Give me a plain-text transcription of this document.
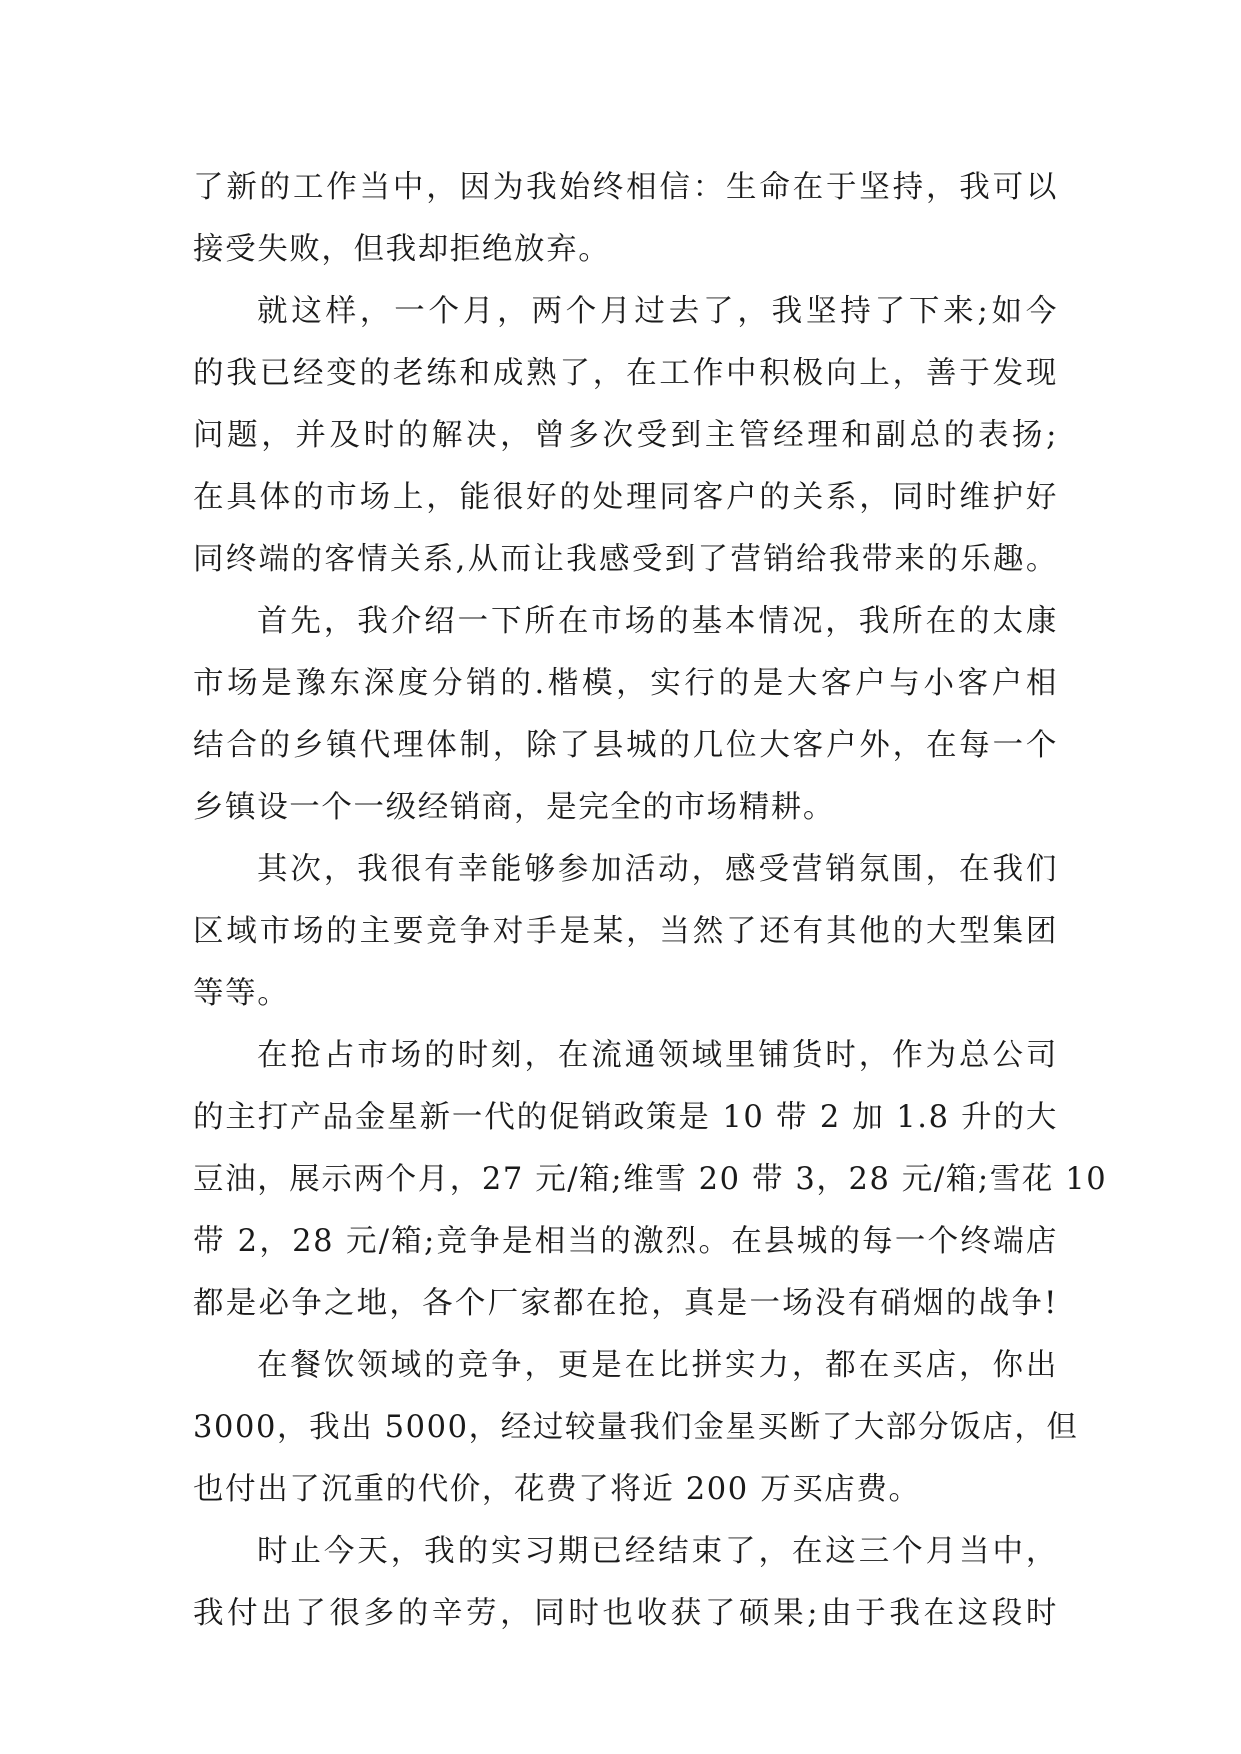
了新的工作当中，因为我始终相信：生命在于坚持，我可以
接受失败，但我却拒绝放弃。
就这样，一个月，两个月过去了，我坚持了下来;如今
的我已经变的老练和成熟了，在工作中积极向上，善于发现
问题，并及时的解决，曾多次受到主管经理和副总的表扬;
在具体的市场上，能很好的处理同客户的关系，同时维护好
同终端的客情关系,从而让我感受到了营销给我带来的乐趣。
首先，我介绍一下所在市场的基本情况，我所在的太康
市场是豫东深度分销的.楷模，实行的是大客户与小客户相
结合的乡镇代理体制，除了县城的几位大客户外，在每一个
乡镇设一个一级经销商，是完全的市场精耕。
其次，我很有幸能够参加活动，感受营销氛围，在我们
区域市场的主要竞争对手是某，当然了还有其他的大型集团
等等。
在抢占市场的时刻，在流通领域里铺货时，作为总公司
的主打产品金星新一代的促销政策是 10 带 2 加 1.8 升的大
豆油，展示两个月，27 元/箱;维雪 20 带 3，28 元/箱;雪花 10
带 2，28 元/箱;竞争是相当的激烈。在县城的每一个终端店
都是必争之地，各个厂家都在抢，真是一场没有硝烟的战争!
在餐饮领域的竞争，更是在比拼实力，都在买店，你出
3000，我出 5000，经过较量我们金星买断了大部分饭店，但
也付出了沉重的代价，花费了将近 200 万买店费。
时止今天，我的实习期已经结束了，在这三个月当中，
我付出了很多的辛劳，同时也收获了硕果;由于我在这段时
